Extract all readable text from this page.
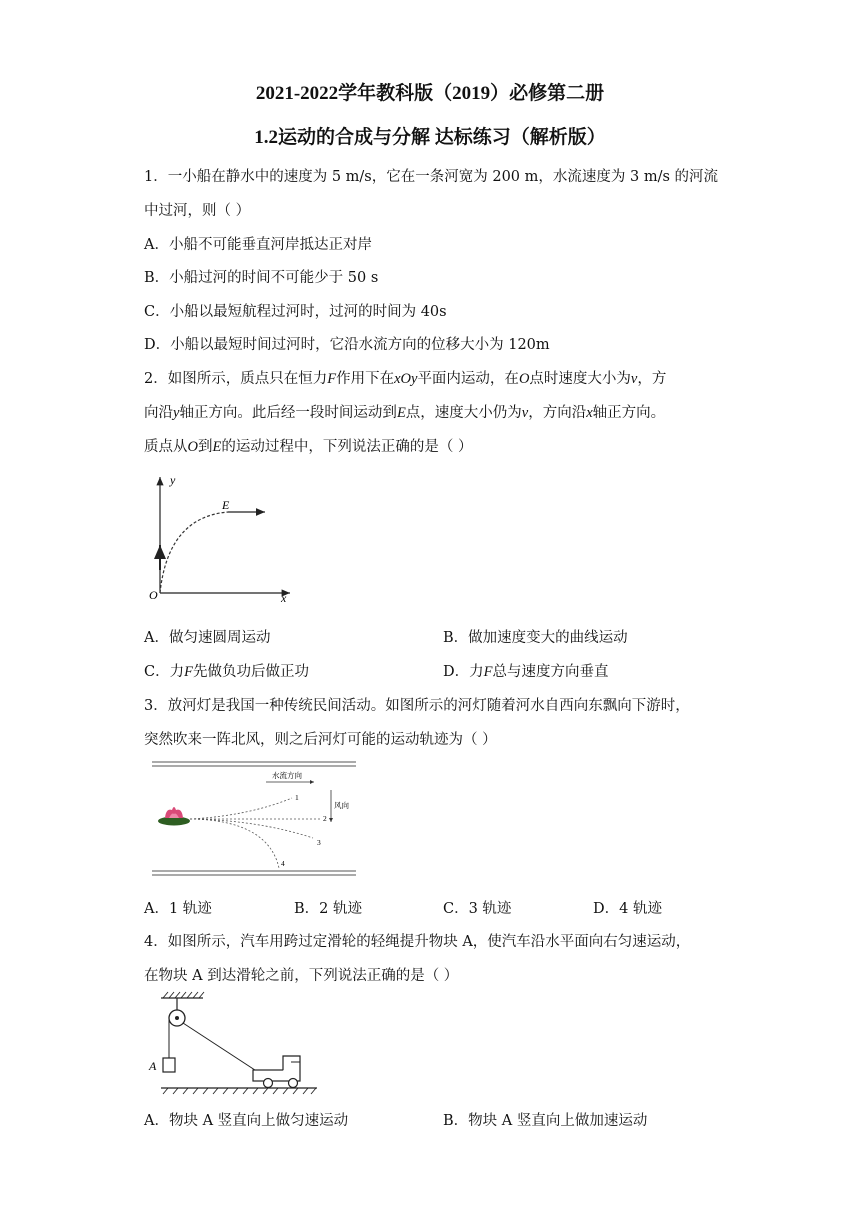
2021-2022学年教科版（2019）必修第二册
1.2运动的合成与分解 达标练习（解析版）
1．一小船在静水中的速度为 5 m/s，它在一条河宽为 200 m，水流速度为 3 m/s 的河流
中过河，则（ ）
A．小船不可能垂直河岸抵达正对岸
B．小船过河的时间不可能少于 50 s
C．小船以最短航程过河时，过河的时间为 40s
D．小船以最短时间过河时，它沿水流方向的位移大小为 120m
2．如图所示，质点只在恒力F作用下在xOy平面内运动，在O点时速度大小为v，方
向沿y轴正方向。此后经一段时间运动到E点，速度大小仍为v，方向沿x轴正方向。
质点从O到E的运动过程中，下列说法正确的是（ ）
y
E
O	x
A．做匀速圆周运动	B．做加速度变大的曲线运动
C．力F先做负功后做正功	D．力F总与速度方向垂直
3．放河灯是我国一种传统民间活动。如图所示的河灯随着河水自西向东飘向下游时，
突然吹来一阵北风，则之后河灯可能的运动轨迹为（ ）
水流方向
风向
1
2
3
4
A．1 轨迹	B．2 轨迹	C．3 轨迹	D．4 轨迹
4．如图所示，汽车用跨过定滑轮的轻绳提升物块 A，使汽车沿水平面向右匀速运动，
在物块 A 到达滑轮之前，下列说法正确的是（ ）
A
A．物块 A 竖直向上做匀速运动	B．物块 A 竖直向上做加速运动
